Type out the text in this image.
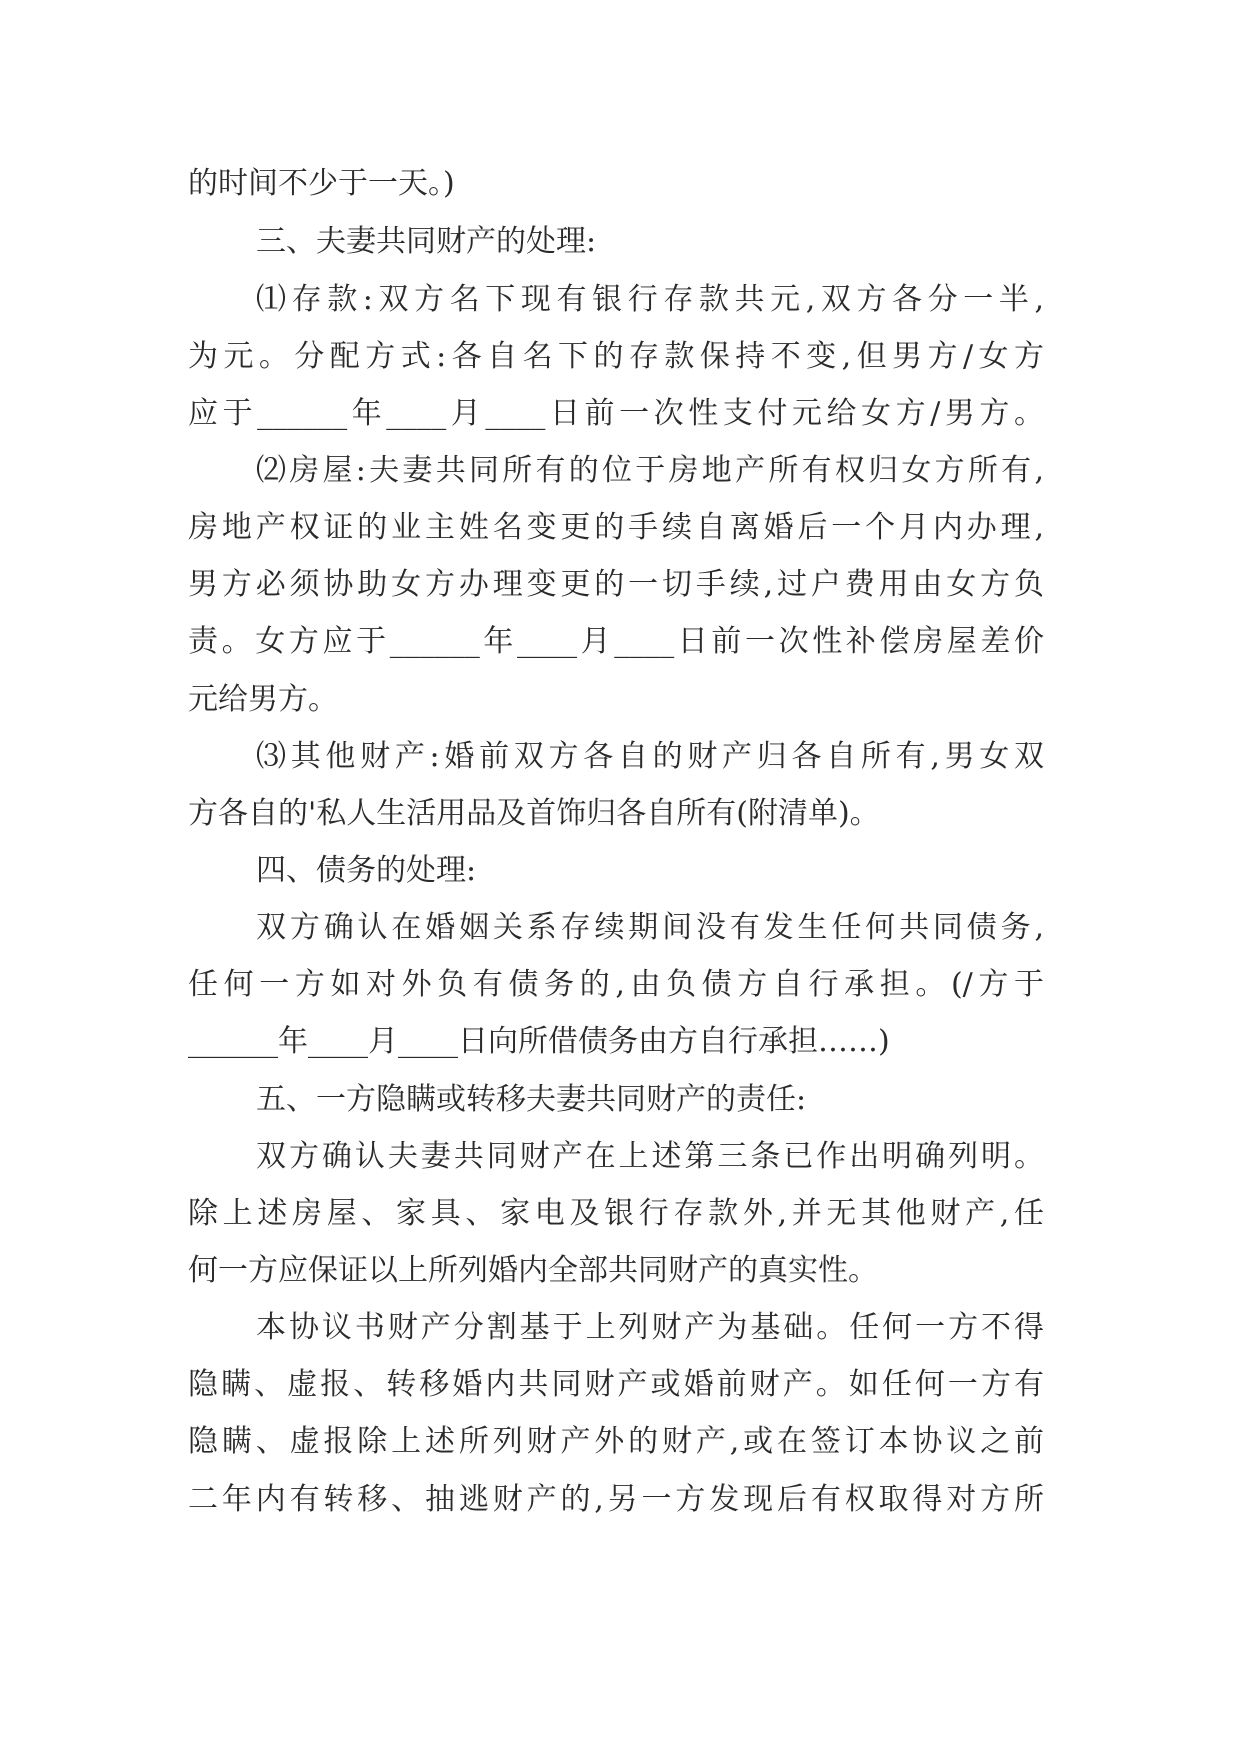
的时间不少于一天。)
三、夫妻共同财产的处理:
⑴存款:双方名下现有银行存款共元,双方各分一半,
为元。分配方式:各自名下的存款保持不变,但男方/女方
应于______年____月____日前一次性支付元给女方/男方。
⑵房屋:夫妻共同所有的位于房地产所有权归女方所有,
房地产权证的业主姓名变更的手续自离婚后一个月内办理,
男方必须协助女方办理变更的一切手续,过户费用由女方负
责。女方应于______年____月____日前一次性补偿房屋差价
元给男方。
⑶其他财产:婚前双方各自的财产归各自所有,男女双
方各自的'私人生活用品及首饰归各自所有(附清单)。
四、债务的处理:
双方确认在婚姻关系存续期间没有发生任何共同债务,
任何一方如对外负有债务的,由负债方自行承担。(/方于
______年____月____日向所借债务由方自行承担……)
五、一方隐瞒或转移夫妻共同财产的责任:
双方确认夫妻共同财产在上述第三条已作出明确列明。
除上述房屋、家具、家电及银行存款外,并无其他财产,任
何一方应保证以上所列婚内全部共同财产的真实性。
本协议书财产分割基于上列财产为基础。任何一方不得
隐瞒、虚报、转移婚内共同财产或婚前财产。如任何一方有
隐瞒、虚报除上述所列财产外的财产,或在签订本协议之前
二年内有转移、抽逃财产的,另一方发现后有权取得对方所
